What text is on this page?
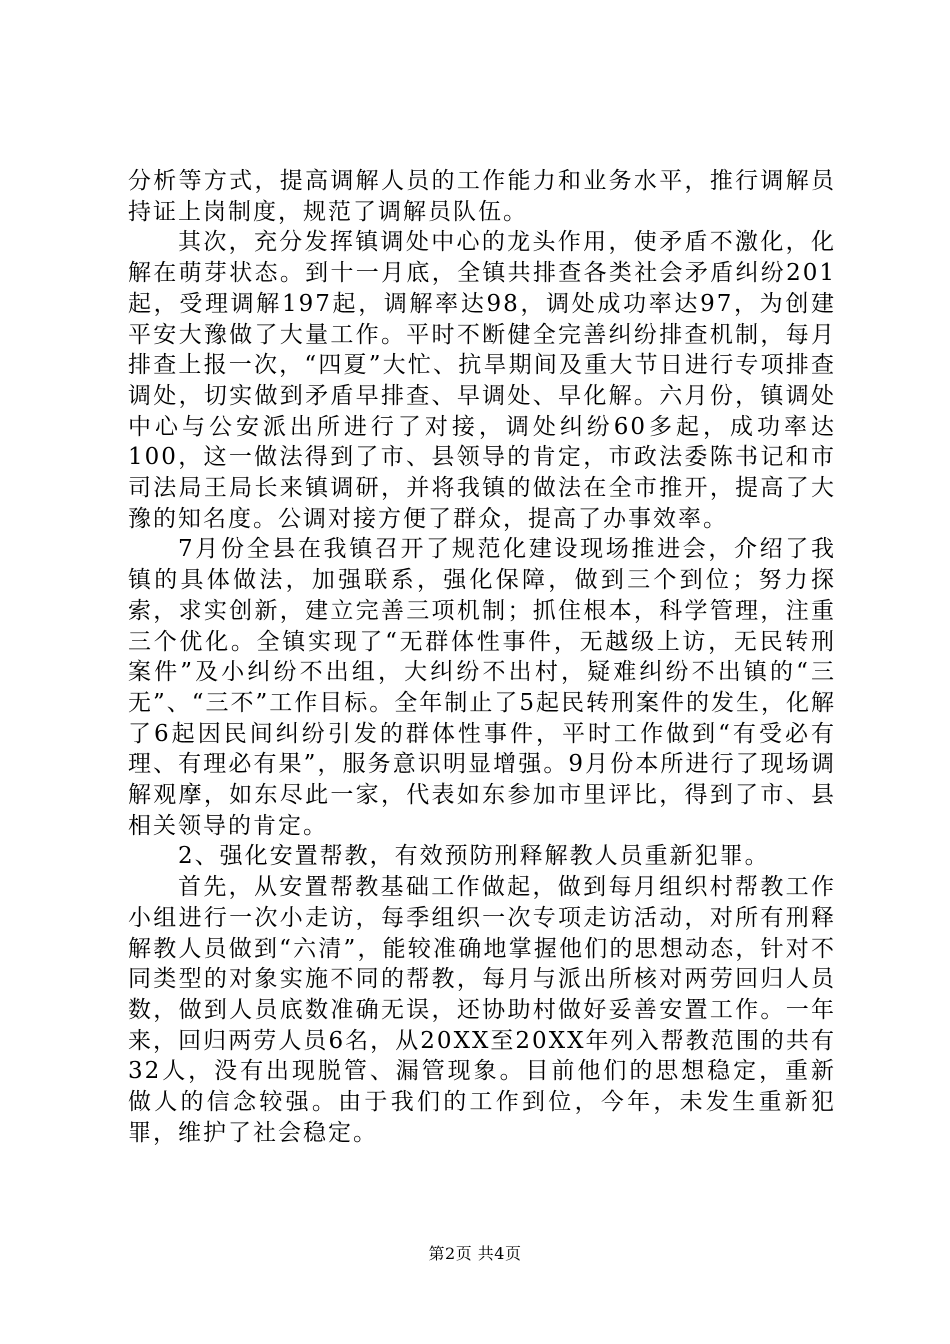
分析等方式，提高调解人员的工作能力和业务水平，推行调解员持证上岗制度，规范了调解员队伍。

其次，充分发挥镇调处中心的龙头作用，使矛盾不激化，化解在萌芽状态。到十一月底，全镇共排查各类社会矛盾纠纷201起，受理调解197起，调解率达98，调处成功率达97，为创建平安大豫做了大量工作。平时不断健全完善纠纷排查机制，每月排查上报一次，“四夏”大忙、抗旱期间及重大节日进行专项排查调处，切实做到矛盾早排查、早调处、早化解。六月份，镇调处中心与公安派出所进行了对接，调处纠纷60多起，成功率达100，这一做法得到了市、县领导的肯定，市政法委陈书记和市司法局王局长来镇调研，并将我镇的做法在全市推开，提高了大豫的知名度。公调对接方便了群众，提高了办事效率。

7月份全县在我镇召开了规范化建设现场推进会，介绍了我镇的具体做法，加强联系，强化保障，做到三个到位；努力探索，求实创新，建立完善三项机制；抓住根本，科学管理，注重三个优化。全镇实现了“无群体性事件，无越级上访，无民转刑案件”及小纠纷不出组，大纠纷不出村，疑难纠纷不出镇的“三无”、“三不”工作目标。全年制止了5起民转刑案件的发生，化解了6起因民间纠纷引发的群体性事件，平时工作做到“有受必有理、有理必有果”，服务意识明显增强。9月份本所进行了现场调解观摩，如东尽此一家，代表如东参加市里评比，得到了市、县相关领导的肯定。

2、强化安置帮教，有效预防刑释解教人员重新犯罪。

首先，从安置帮教基础工作做起，做到每月组织村帮教工作小组进行一次小走访，每季组织一次专项走访活动，对所有刑释解教人员做到“六清”，能较准确地掌握他们的思想动态，针对不同类型的对象实施不同的帮教，每月与派出所核对两劳回归人员数，做到人员底数准确无误，还协助村做好妥善安置工作。一年来，回归两劳人员6名，从20XX至20XX年列入帮教范围的共有32人，没有出现脱管、漏管现象。目前他们的思想稳定，重新做人的信念较强。由于我们的工作到位，今年，未发生重新犯罪，维护了社会稳定。

第2页 共4页
